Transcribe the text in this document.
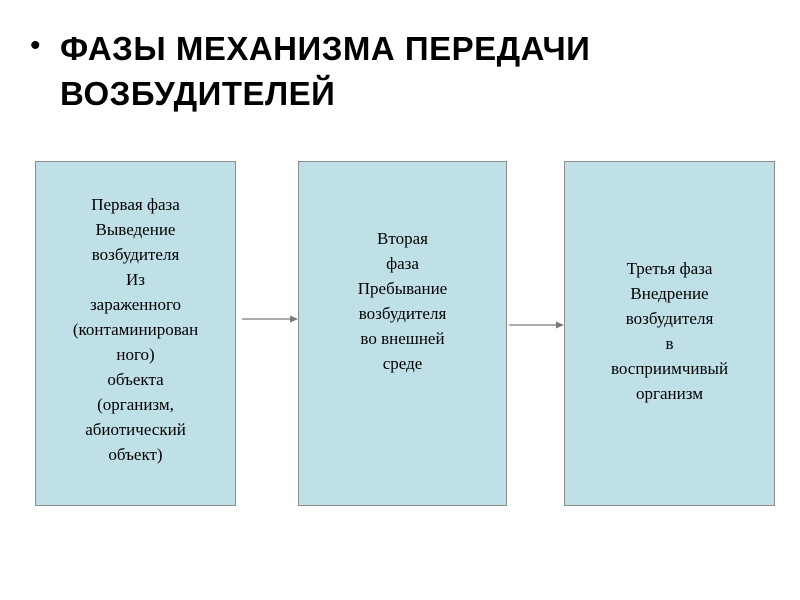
• ФАЗЫ МЕХАНИЗМА ПЕРЕДАЧИ
ВОЗБУДИТЕЛЕЙ
Первая фаза
Выведение
возбудителя
Из
зараженного
(контаминирован
ного)
объекта
(организм,
абиотический
объект)
Вторая
фаза
Пребывание
возбудителя
во внешней
среде
Третья фаза
Внедрение
возбудителя
в
восприимчивый
организм
